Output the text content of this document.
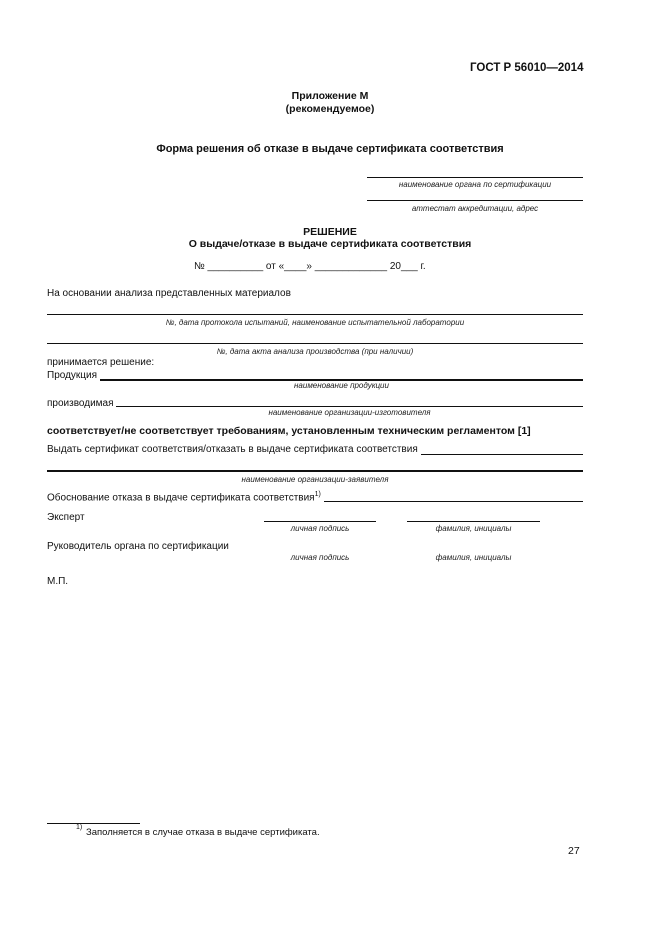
ГОСТ Р 56010—2014
Приложение М
(рекомендуемое)
Форма решения об отказе в выдаче сертификата соответствия
наименование органа по сертификации
аттестат аккредитации, адрес
РЕШЕНИЕ
О выдаче/отказе в выдаче сертификата соответствия
№ __________ от «____» _____________ 20___ г.
На основании анализа представленных материалов
№, дата протокола испытаний, наименование испытательной лаборатории
№, дата акта анализа производства (при наличии)
принимается решение:
Продукция
наименование продукции
производимая
наименование организации-изготовителя
соответствует/не соответствует требованиям, установленным техническим регламентом [1]
Выдать сертификат соответствия/отказать в выдаче сертификата соответствия
наименование организации-заявителя
Обоснование отказа в выдаче сертификата соответствия$^{1)}$
Эксперт
личная подпись	фамилия, инициалы
Руководитель органа по сертификации
личная подпись	фамилия, инициалы
М.П.
1) Заполняется в случае отказа в выдаче сертификата.
27
